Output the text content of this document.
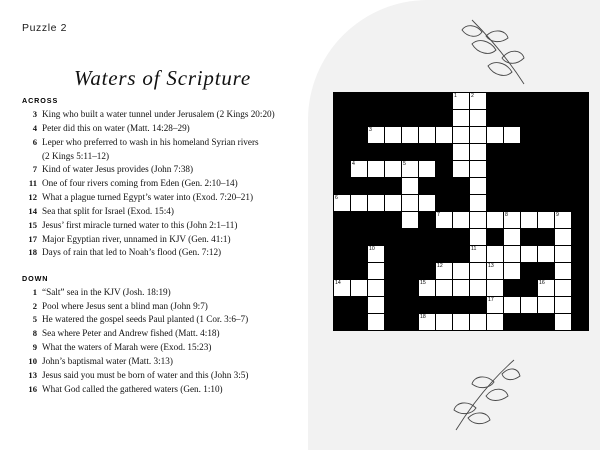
Puzzle 2
Waters of Scripture
ACROSS
3 King who built a water tunnel under Jerusalem (2 Kings 20:20)
4 Peter did this on water (Matt. 14:28–29)
6 Leper who preferred to wash in his homeland Syrian rivers
(2 Kings 5:11–12)
7 Kind of water Jesus provides (John 7:38)
11 One of four rivers coming from Eden (Gen. 2:10–14)
12 What a plague turned Egypt’s water into (Exod. 7:20–21)
14 Sea that split for Israel (Exod. 15:4)
15 Jesus’ first miracle turned water to this (John 2:1–11)
17 Major Egyptian river, unnamed in KJV (Gen. 41:1)
18 Days of rain that led to Noah’s flood (Gen. 7:12)
DOWN
1 “Salt” sea in the KJV (Josh. 18:19)
2 Pool where Jesus sent a blind man (John 9:7)
5 He watered the gospel seeds Paul planted (1 Cor. 3:6–7)
8 Sea where Peter and Andrew fished (Matt. 4:18)
9 What the waters of Marah were (Exod. 15:23)
10 John’s baptismal water (Matt. 3:13)
13 Jesus said you must be born of water and this (John 3:5)
16 What God called the gathered waters (Gen. 1:10)

							1	2						

		3												

	4			5										

6														

						7				8			9	

		10						11						

						12			13					

14					15							16		

									17					

					18									
